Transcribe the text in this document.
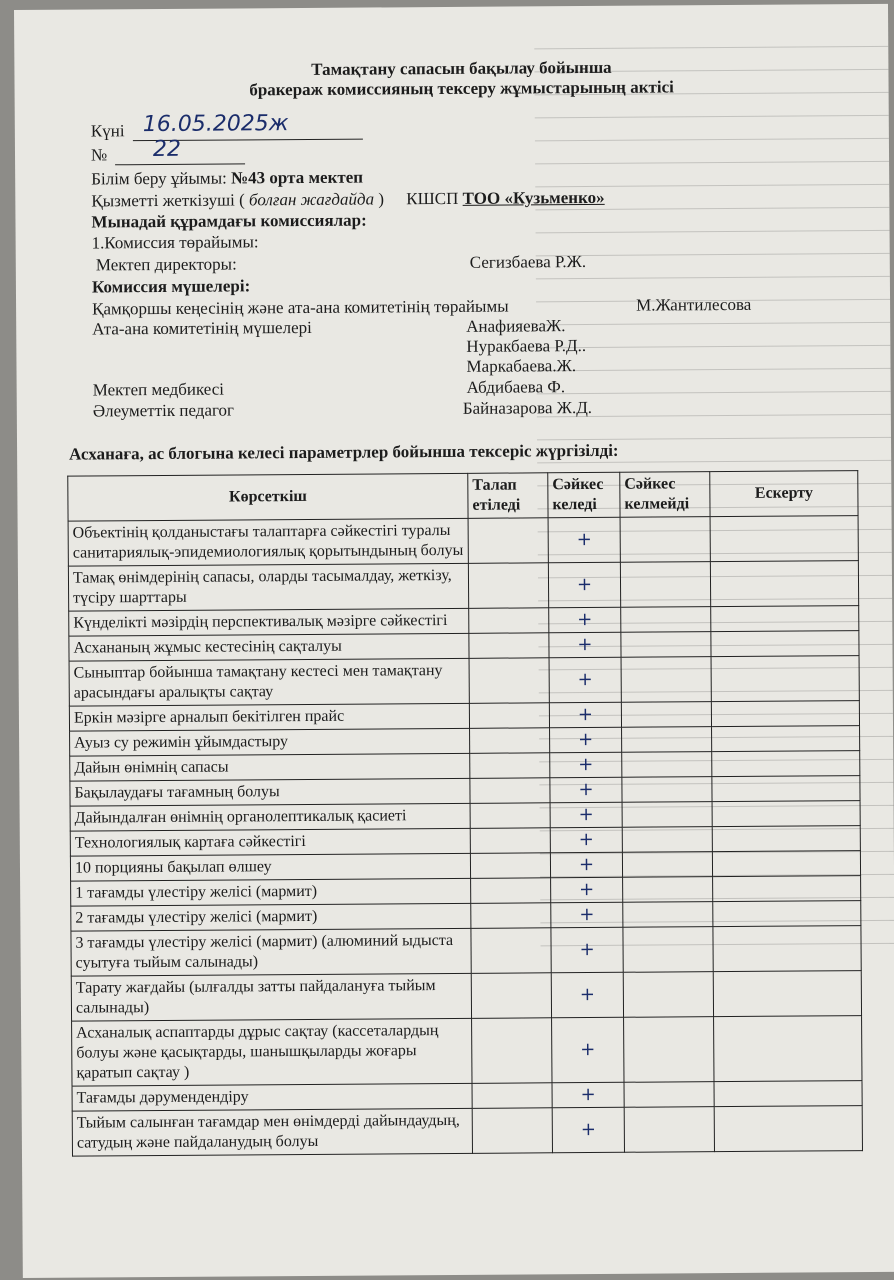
Тамақтану сапасын бақылау бойынша
бракераж комиссияның тексеру жұмыстарының актісі
Күні 16.05.2025ж
№ 22
Білім беру ұйымы: №43 орта мектеп
Қызметті жеткізуші ( болған жағдайда ) КШСП ТОО «Кузьменко»
Мынадай құрамдағы комиссиялар:
1.Комиссия төрайымы:
Мектеп директоры:	Сегизбаева Р.Ж.
Комиссия мүшелері:
Қамқоршы кеңесінің және ата-ана комитетінің төрайымы	М.Жантилесова
Ата-ана комитетінің мүшелері	АнафияеваЖ.
Нуракбаева Р.Д..
Маркабаева.Ж.
Мектеп медбикесі	Абдибаева Ф.
Әлеуметтік педагог	Байназарова Ж.Д.
Асханаға, ас блогына келесі параметрлер бойынша тексеріс жүргізілді:
Көрсеткіш	Талап етіледі	Сәйкес келеді	Сәйкес келмейді	Ескерту
Объектінің қолданыстағы талаптарға сәйкестігі туралы санитариялық-эпидемиологиялық қорытындының болуы		+		
Тамақ өнімдерінің сапасы, оларды тасымалдау, жеткізу, түсіру шарттары		+		
Күнделікті мәзірдің перспективалық мәзірге сәйкестігі		+		
Асхананың жұмыс кестесінің сақталуы		+		
Сыныптар бойынша тамақтану кестесі мен тамақтану арасындағы аралықты сақтау		+		
Еркін мәзірге арналып бекітілген прайс		+		
Ауыз су режимін ұйымдастыру		+		
Дайын өнімнің сапасы		+		
Бақылаудағы тағамның болуы		+		
Дайындалған өнімнің органолептикалық қасиеті		+		
Технологиялық картаға сәйкестігі		+		
10 порцияны бақылап өлшеу		+		
1 тағамды үлестіру желісі (мармит)		+		
2 тағамды үлестіру желісі (мармит)		+		
3 тағамды үлестіру желісі (мармит) (алюминий ыдыста суытуға тыйым салынады)		+		
Тарату жағдайы (ылғалды затты пайдалануға тыйым салынады)		+		
Асханалық аспаптарды дұрыс сақтау (кассеталардың болуы және қасықтарды, шанышқыларды жоғары қаратып сақтау )		+		
Тағамды дәрумендендіру		+		
Тыйым салынған тағамдар мен өнімдерді дайындаудың, сатудың және пайдаланудың болуы		+		
